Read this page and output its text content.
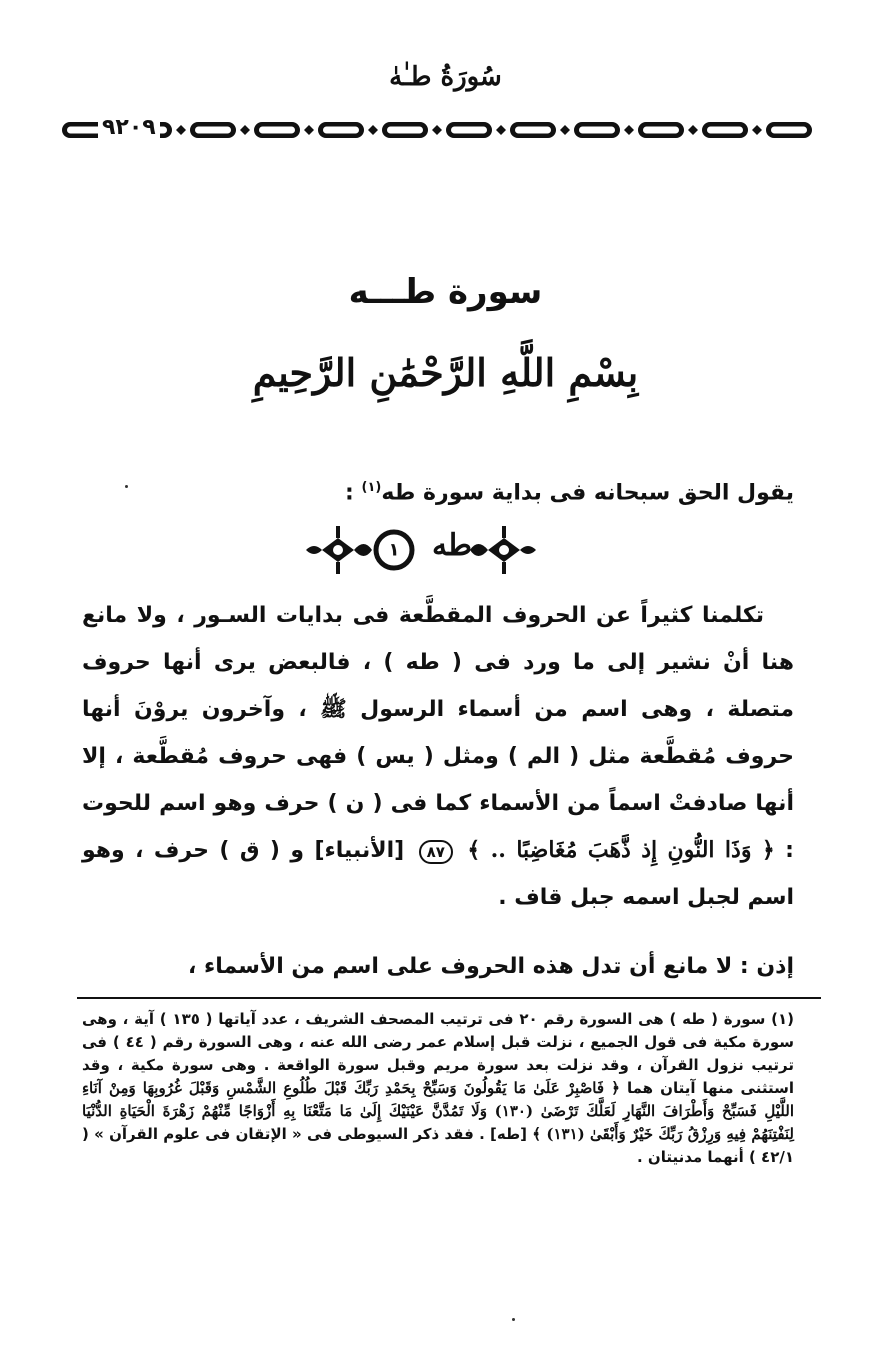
سُورَةُ طـٰهٰ
٩٢٠٩
سورة طـــه
بِسْمِ اللَّهِ الرَّحْمَٰنِ الرَّحِيمِ
يقول الحق سبحانه فى بداية سورة طه$^{(١)}$ :
١	طه

تكلمنا كثيراً عن الحروف المقطَّعة فى بدايات السـور ، ولا مانع هنا أنْ نشير إلى ما ورد فى ( طه ) ، فالبعض يرى أنها حروف متصلة ، وهى اسم من أسماء الرسول ﷺ ، وآخرون يروْنَ أنها حروف مُقطَّعة مثل ( الم ) ومثل ( يس ) فهى حروف مُقطَّعة ، إلا أنها صادفتْ اسماً من الأسماء كما فى ( ن ) حرف وهو اسم للحوت : ﴿ وَذَا النُّونِ إِذ ذَّهَبَ مُغَاضِبًا .. ﴾ ٨٧ [الأنبياء] و ( ق ) حرف ، وهو اسم لجبل اسمه جبل قاف .

إذن : لا مانع أن تدل هذه الحروف على اسم من الأسماء ،

(١) سورة ( طه ) هى السورة رقم ٢٠ فى ترتيب المصحف الشريف ، عدد آياتها ( ١٣٥ ) آية ، وهى سورة مكية فى قول الجميع ، نزلت قبل إسلام عمر رضى الله عنه ، وهى السورة رقم ( ٤٤ ) فى ترتيب نزول القرآن ، وقد نزلت بعد سورة مريم وقبل سورة الواقعة . وهى سورة مكية ، وقد استثنى منها آيتان هما ﴿ فَاصْبِرْ عَلَىٰ مَا يَقُولُونَ وَسَبِّحْ بِحَمْدِ رَبِّكَ قَبْلَ طُلُوعِ الشَّمْسِ وَقَبْلَ غُرُوبِهَا وَمِنْ آنَاءِ اللَّيْلِ فَسَبِّحْ وَأَطْرَافَ النَّهَارِ لَعَلَّكَ تَرْضَىٰ (١٣٠) وَلَا تَمُدَّنَّ عَيْنَيْكَ إِلَىٰ مَا مَتَّعْنَا بِهِ أَزْوَاجًا مِّنْهُمْ زَهْرَةَ الْحَيَاةِ الدُّنْيَا لِنَفْتِنَهُمْ فِيهِ وَرِزْقُ رَبِّكَ خَيْرٌ وَأَبْقَىٰ (١٣١) ﴾ [طه] . فقد ذكر السيوطى فى « الإتقان فى علوم القرآن » ( ٤٢/١ ) أنهما مدنيتان .
